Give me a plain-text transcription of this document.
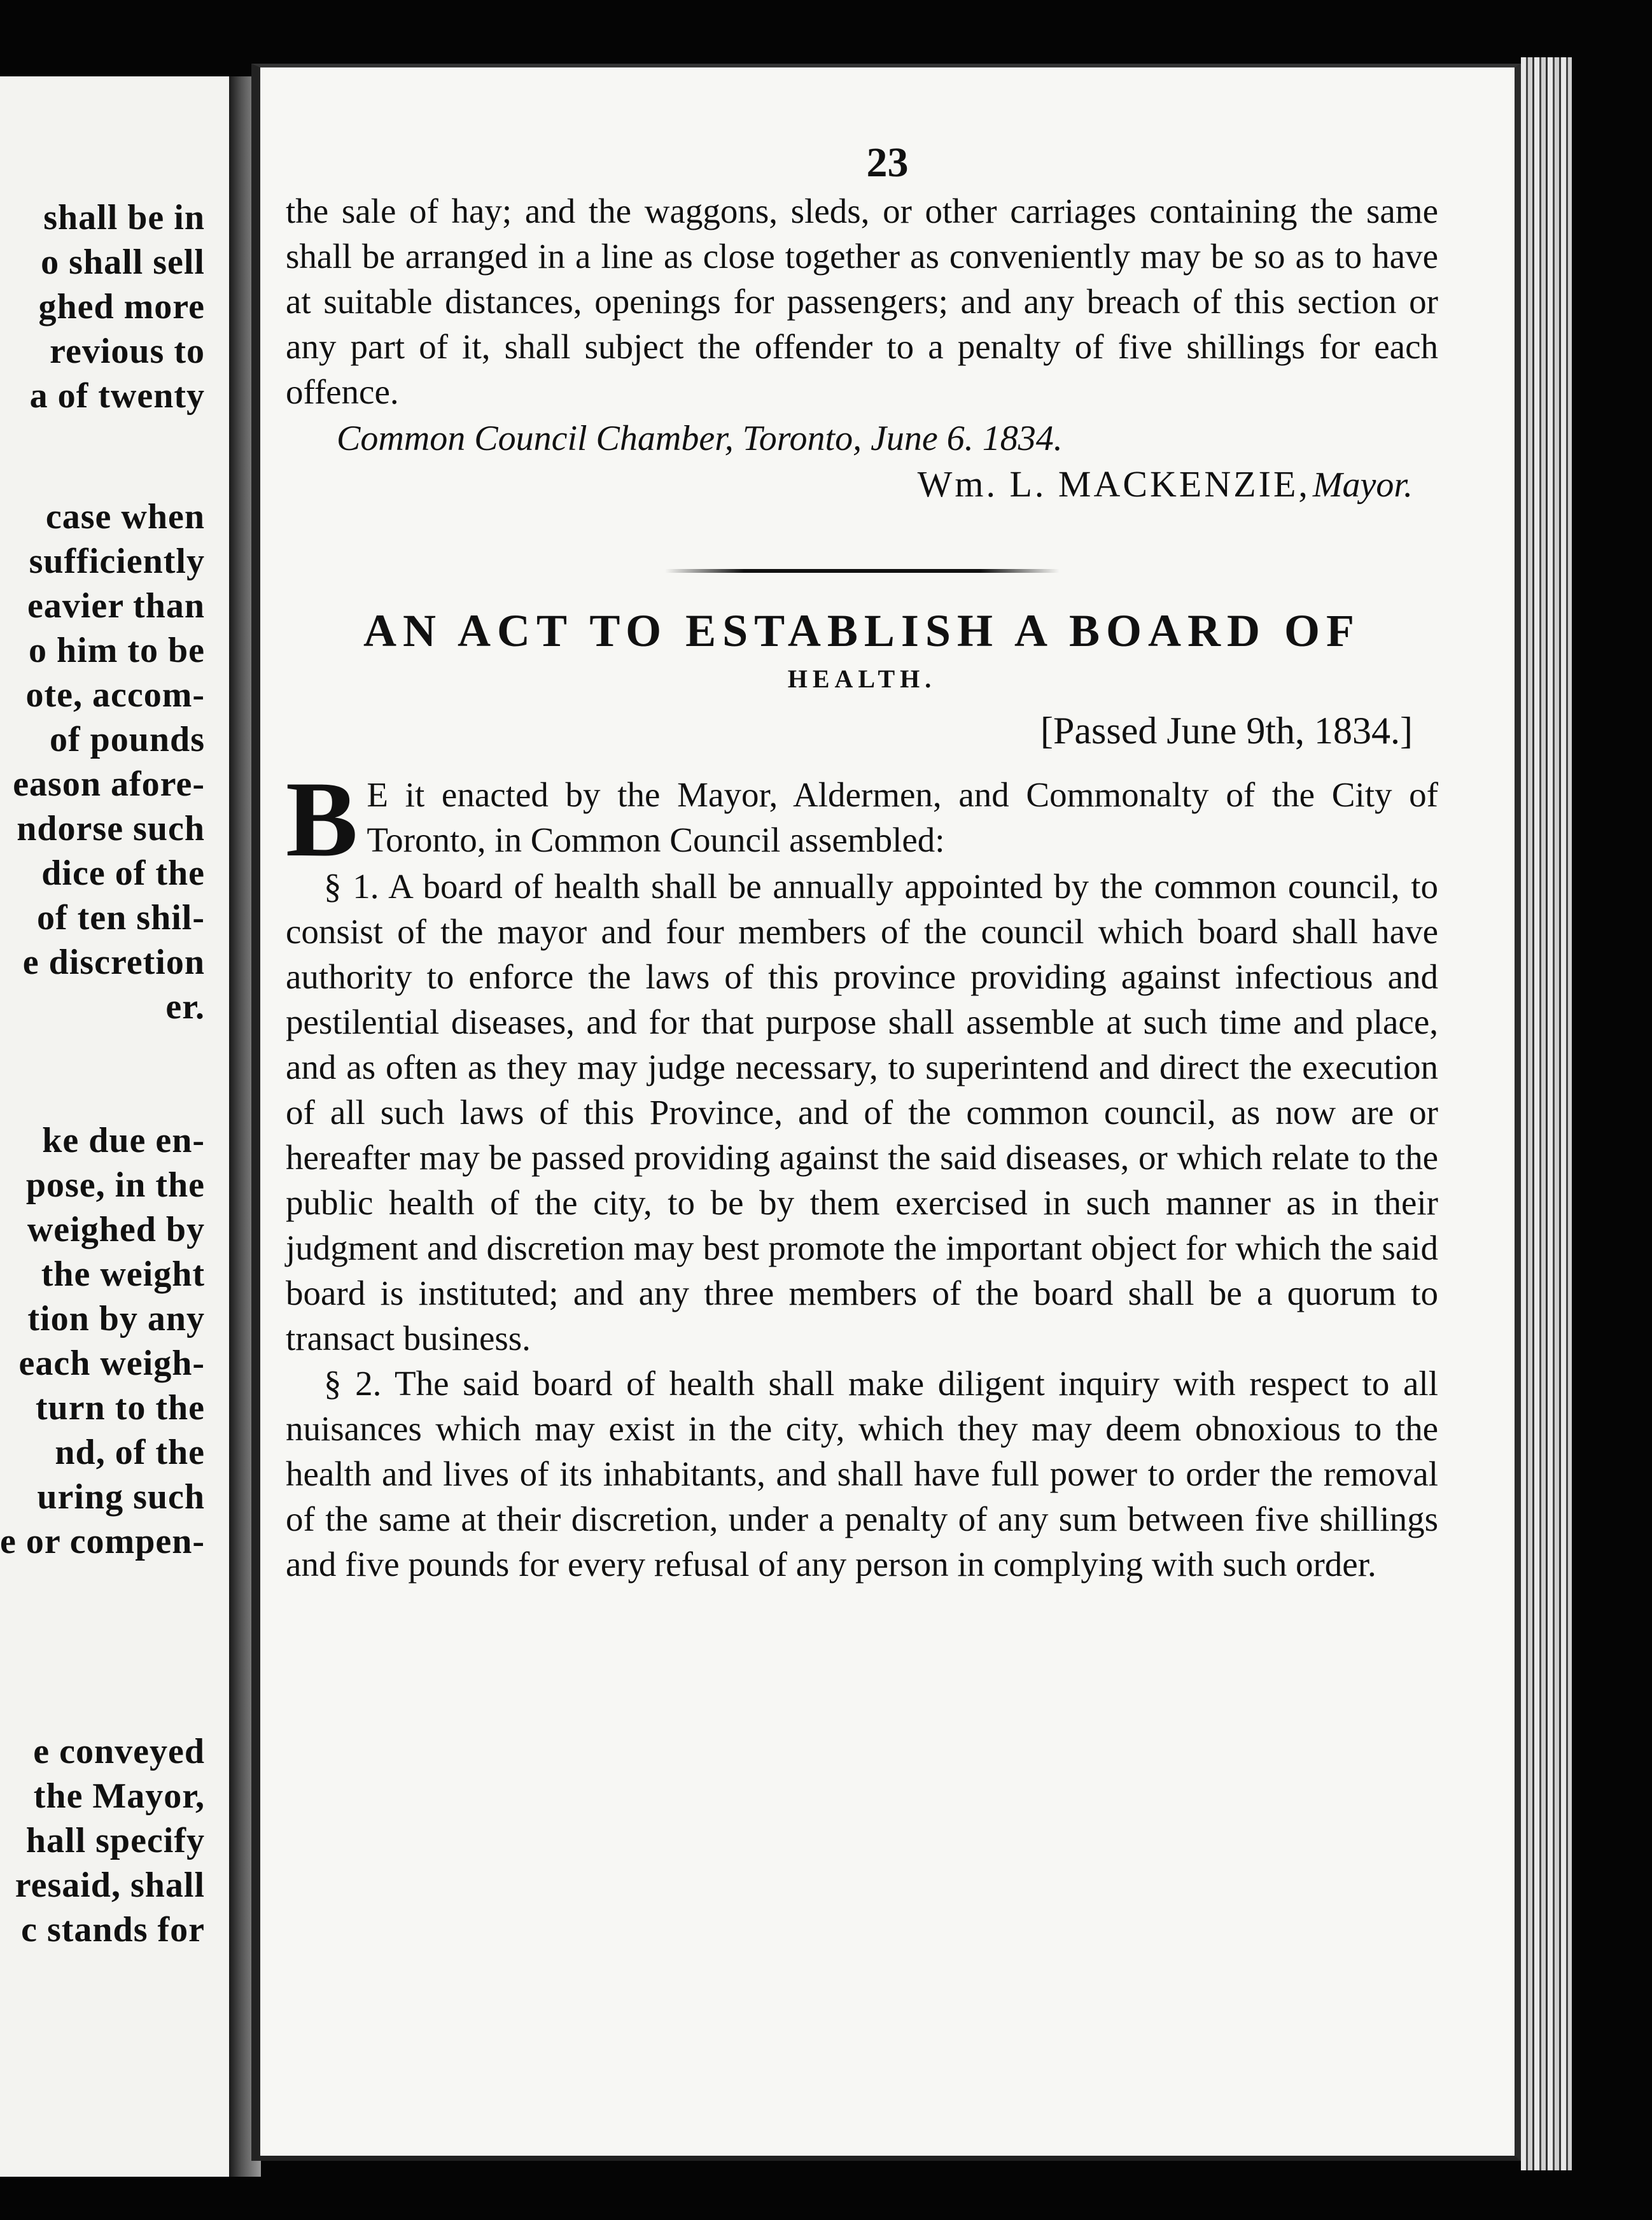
shall be in
o shall sell
ghed more
revious to
a of twenty
case when
sufficiently
eavier than
o him to be
ote, accom-
of pounds
eason afore-
ndorse such
dice of the
of ten shil-
e discretion
er.
ke due en-
pose, in the
weighed by
the weight
tion by any
each weigh-
turn to the
nd, of the
uring such
e or compen-
e conveyed
the Mayor,
hall specify
resaid, shall
c stands for
23
the sale of hay; and the waggons, sleds, or other carriages containing the same shall be arranged in a line as close together as conveniently may be so as to have at suitable distances, openings for passengers; and any breach of this section or any part of it, shall subject the offender to a penalty of five shillings for each offence.
Common Council Chamber, Toronto, June 6. 1834.
Wm. L. MACKENZIE, Mayor.
AN ACT TO ESTABLISH A BOARD OF
HEALTH.
[Passed June 9th, 1834.]
B E it enacted by the Mayor, Aldermen, and Commonalty of the City of Toronto, in Common Council assembled:
§ 1. A board of health shall be annually appointed by the common council, to consist of the mayor and four members of the council which board shall have authority to enforce the laws of this province providing against infectious and pestilential diseases, and for that purpose shall assemble at such time and place, and as often as they may judge necessary, to superintend and direct the execution of all such laws of this Province, and of the common council, as now are or hereafter may be passed providing against the said diseases, or which relate to the public health of the city, to be by them exercised in such manner as in their judgment and discretion may best promote the important object for which the said board is instituted; and any three members of the board shall be a quorum to transact business.
§ 2. The said board of health shall make diligent inquiry with respect to all nuisances which may exist in the city, which they may deem obnoxious to the health and lives of its inhabitants, and shall have full power to order the removal of the same at their discretion, under a penalty of any sum between five shillings and five pounds for every refusal of any person in complying with such order.
